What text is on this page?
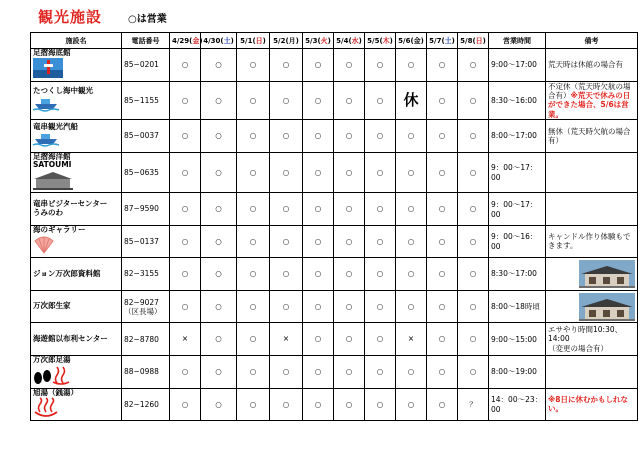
観光施設	○は営業
施設名	電話番号	4/29(金)	4/30(土)	5/1(日)	5/2(月)	5/3(火)	5/4(水)	5/5(木)	5/6(金)	5/7(土)	5/8(日)	営業時間	備考

足摺海底館	85−0201	○	○	○	○	○	○	○	○	○	○	9:00〜17:00	荒天時は休館の場合有

たつくし海中観光	85−1155	○	○	○	○	○	○	○	休	○	○	8:30〜16:00	不定休（荒天時欠航の場合有）※荒天で休みの日ができた場合、5/6は営業。

竜串観光汽船	85−0037	○	○	○	○	○	○	○	○	○	○	8:00〜17:00	無休（荒天時欠航の場合有）

足摺海洋館
SATOUMI	85−0635	○	○	○	○	○	○	○	○	○	○	9：00〜17：00	

竜串ビジターセンター
うみのわ	87−9590	○	○	○	○	○	○	○	○	○	○	9：00〜17：00	

海のギャラリー	85−0137	○	○	○	○	○	○	○	○	○	○	9：00〜16：00	キャンドル作り体験もできます。

ジョン万次郎資料館	82−3155	○	○	○	○	○	○	○	○	○	○	8:30〜17:00	

万次郎生家	82−9027
（区長場）	○	○	○	○	○	○	○	○	○	○	8:00〜18時頃	

海遊館以布利センター	82−8780	×	○	○	×	○	○	○	×	○	○	9:00〜15:00	エサやり時間10:30、14:00
（変更の場合有）

万次郎足湯	88−0988	○	○	○	○	○	○	○	○	○	○	8:00〜19:00	

旭湯（銭湯）	82−1260	○	○	○	○	○	○	○	○	○	？	14：00〜23：00	※8日に休むかもしれない。
